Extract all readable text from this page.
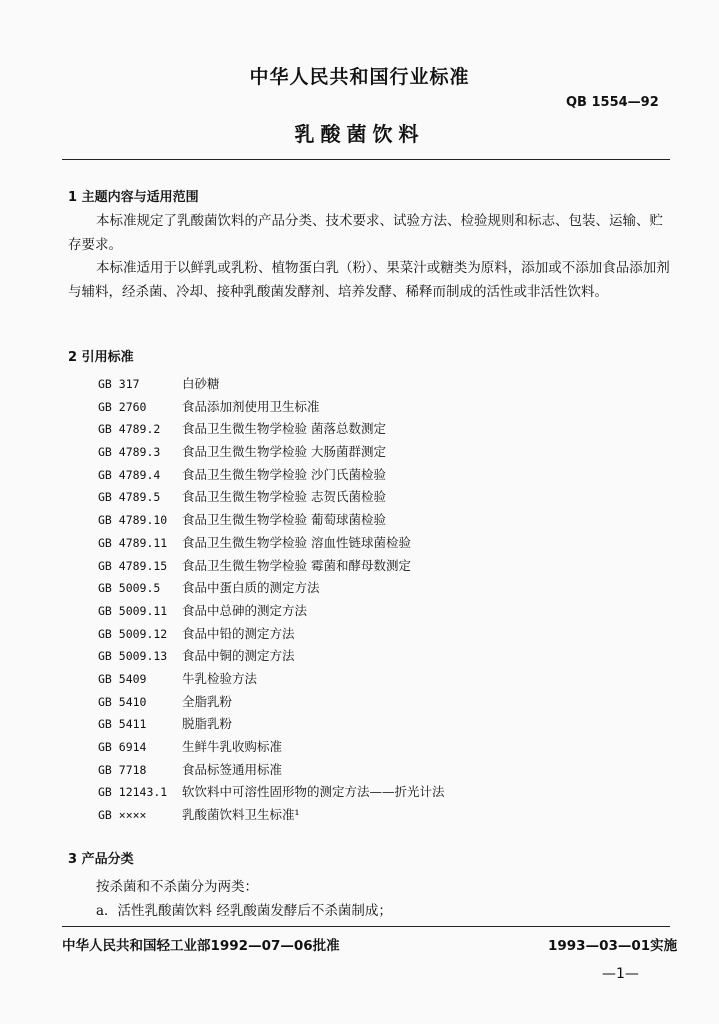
中华人民共和国行业标准
QB 1554—92
乳酸菌饮料
1 主题内容与适用范围

本标准规定了乳酸菌饮料的产品分类、技术要求、试验方法、检验规则和标志、包装、运输、贮存要求。

本标准适用于以鲜乳或乳粉、植物蛋白乳（粉）、果菜汁或糖类为原料，添加或不添加食品添加剂与辅料，经杀菌、冷却、接种乳酸菌发酵剂、培养发酵、稀释而制成的活性或非活性饮料。

2 引用标准
GB 317	白砂糖
GB 2760	食品添加剂使用卫生标准
GB 4789.2 食品卫生微生物学检验 菌落总数测定
GB 4789.3 食品卫生微生物学检验 大肠菌群测定
GB 4789.4 食品卫生微生物学检验 沙门氏菌检验
GB 4789.5 食品卫生微生物学检验 志贺氏菌检验
GB 4789.10 食品卫生微生物学检验 葡萄球菌检验
GB 4789.11 食品卫生微生物学检验 溶血性链球菌检验
GB 4789.15 食品卫生微生物学检验 霉菌和酵母数测定
GB 5009.5 食品中蛋白质的测定方法
GB 5009.11 食品中总砷的测定方法
GB 5009.12 食品中铅的测定方法
GB 5009.13 食品中铜的测定方法
GB 5409	牛乳检验方法
GB 5410	全脂乳粉
GB 5411	脱脂乳粉
GB 6914	生鲜牛乳收购标准
GB 7718	食品标签通用标准
GB 12143.1 软饮料中可溶性固形物的测定方法——折光计法
GB ××××	乳酸菌饮料卫生标准¹
3 产品分类
按杀菌和不杀菌分为两类：
a．活性乳酸菌饮料 经乳酸菌发酵后不杀菌制成；
中华人民共和国轻工业部1992—07—06批准	1993—03—01实施
—1—
